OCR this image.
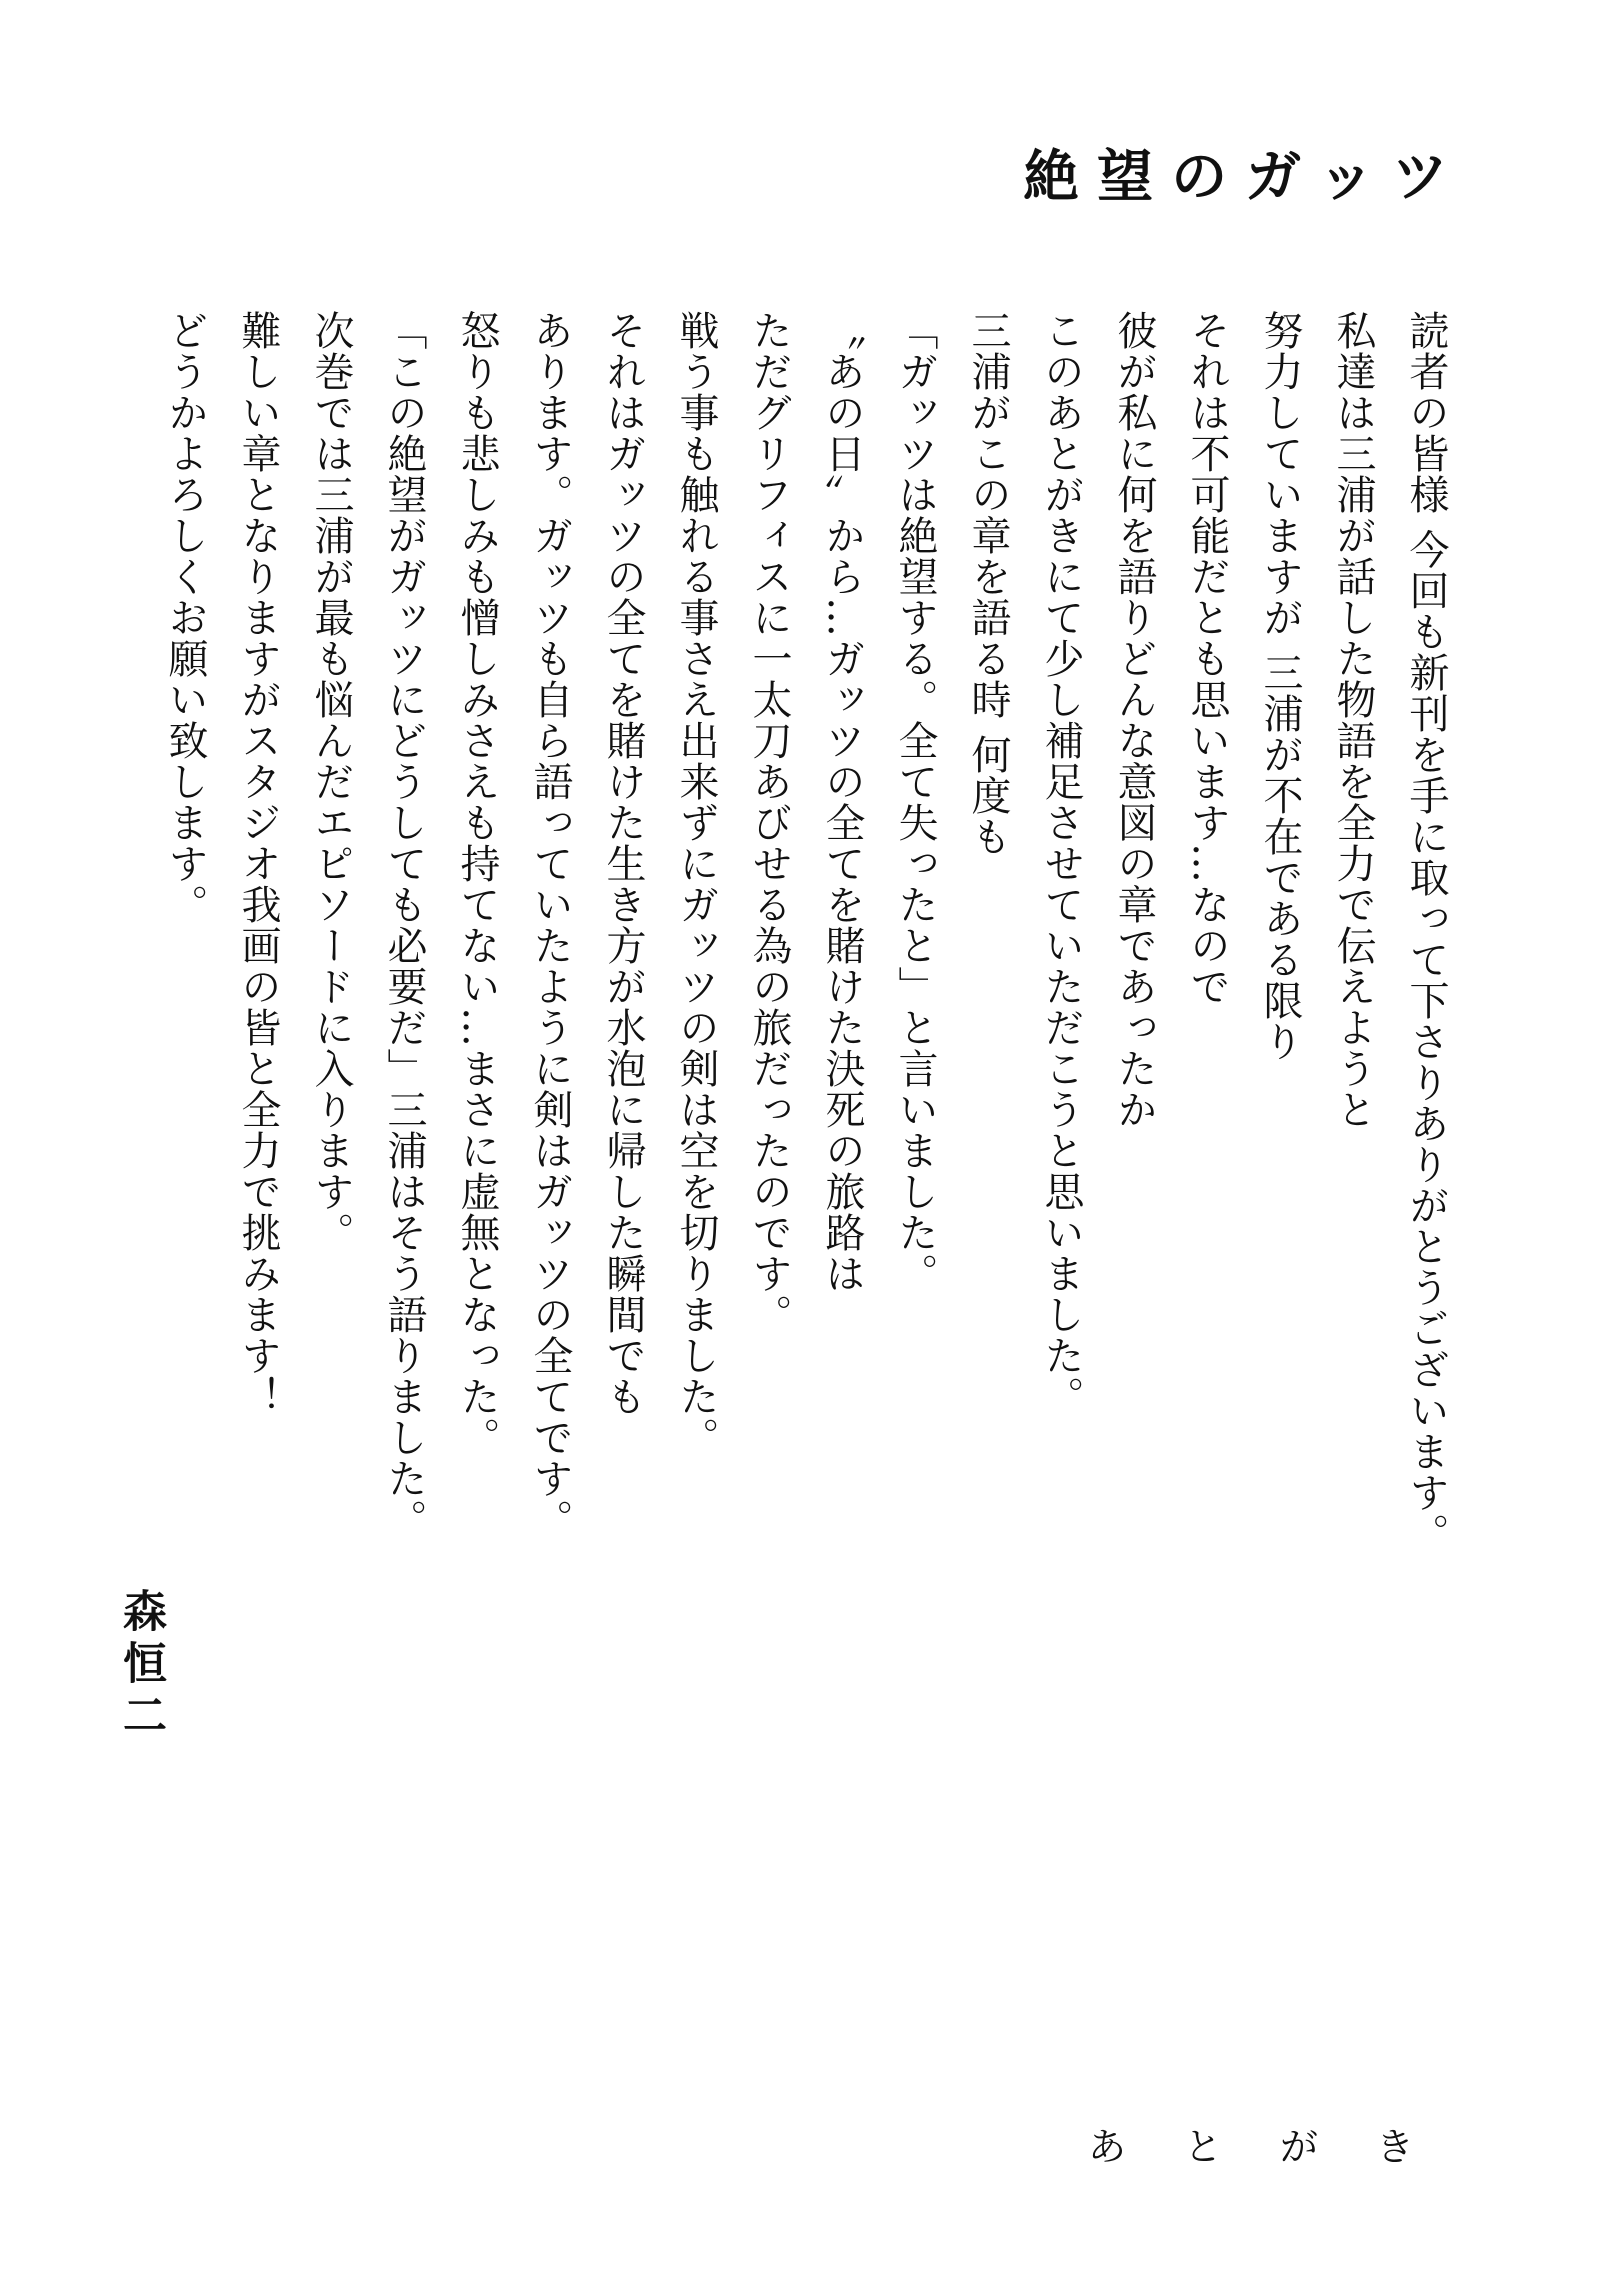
絶望のガッツ
読者の皆様 今回も新刊を手に取って下さりありがとうございます。
私達は三浦が話した物語を全力で伝えようと
努力していますが 三浦が不在である限り
それは不可能だとも思います…なので
彼が私に何を語りどんな意図の章であったか
このあとがきにて少し補足させていただこうと思いました。
三浦がこの章を語る時 何度も
「ガッツは絶望する。全て失ったと」と言いました。
〝あの日〟から…ガッツの全てを賭けた決死の旅路は
ただグリフィスに一太刀あびせる為の旅だったのです。
戦う事も触れる事さえ出来ずにガッツの剣は空を切りました。
それはガッツの全てを賭けた生き方が水泡に帰した瞬間でも
あります。ガッツも自ら語っていたように剣はガッツの全てです。
怒りも悲しみも憎しみさえも持てない…まさに虚無となった。
「この絶望がガッツにどうしても必要だ」三浦はそう語りました。
次巻では三浦が最も悩んだエピソードに入ります。
難しい章となりますがスタジオ我画の皆と全力で挑みます！
どうかよろしくお願い致します。
森恒二
あとがき
